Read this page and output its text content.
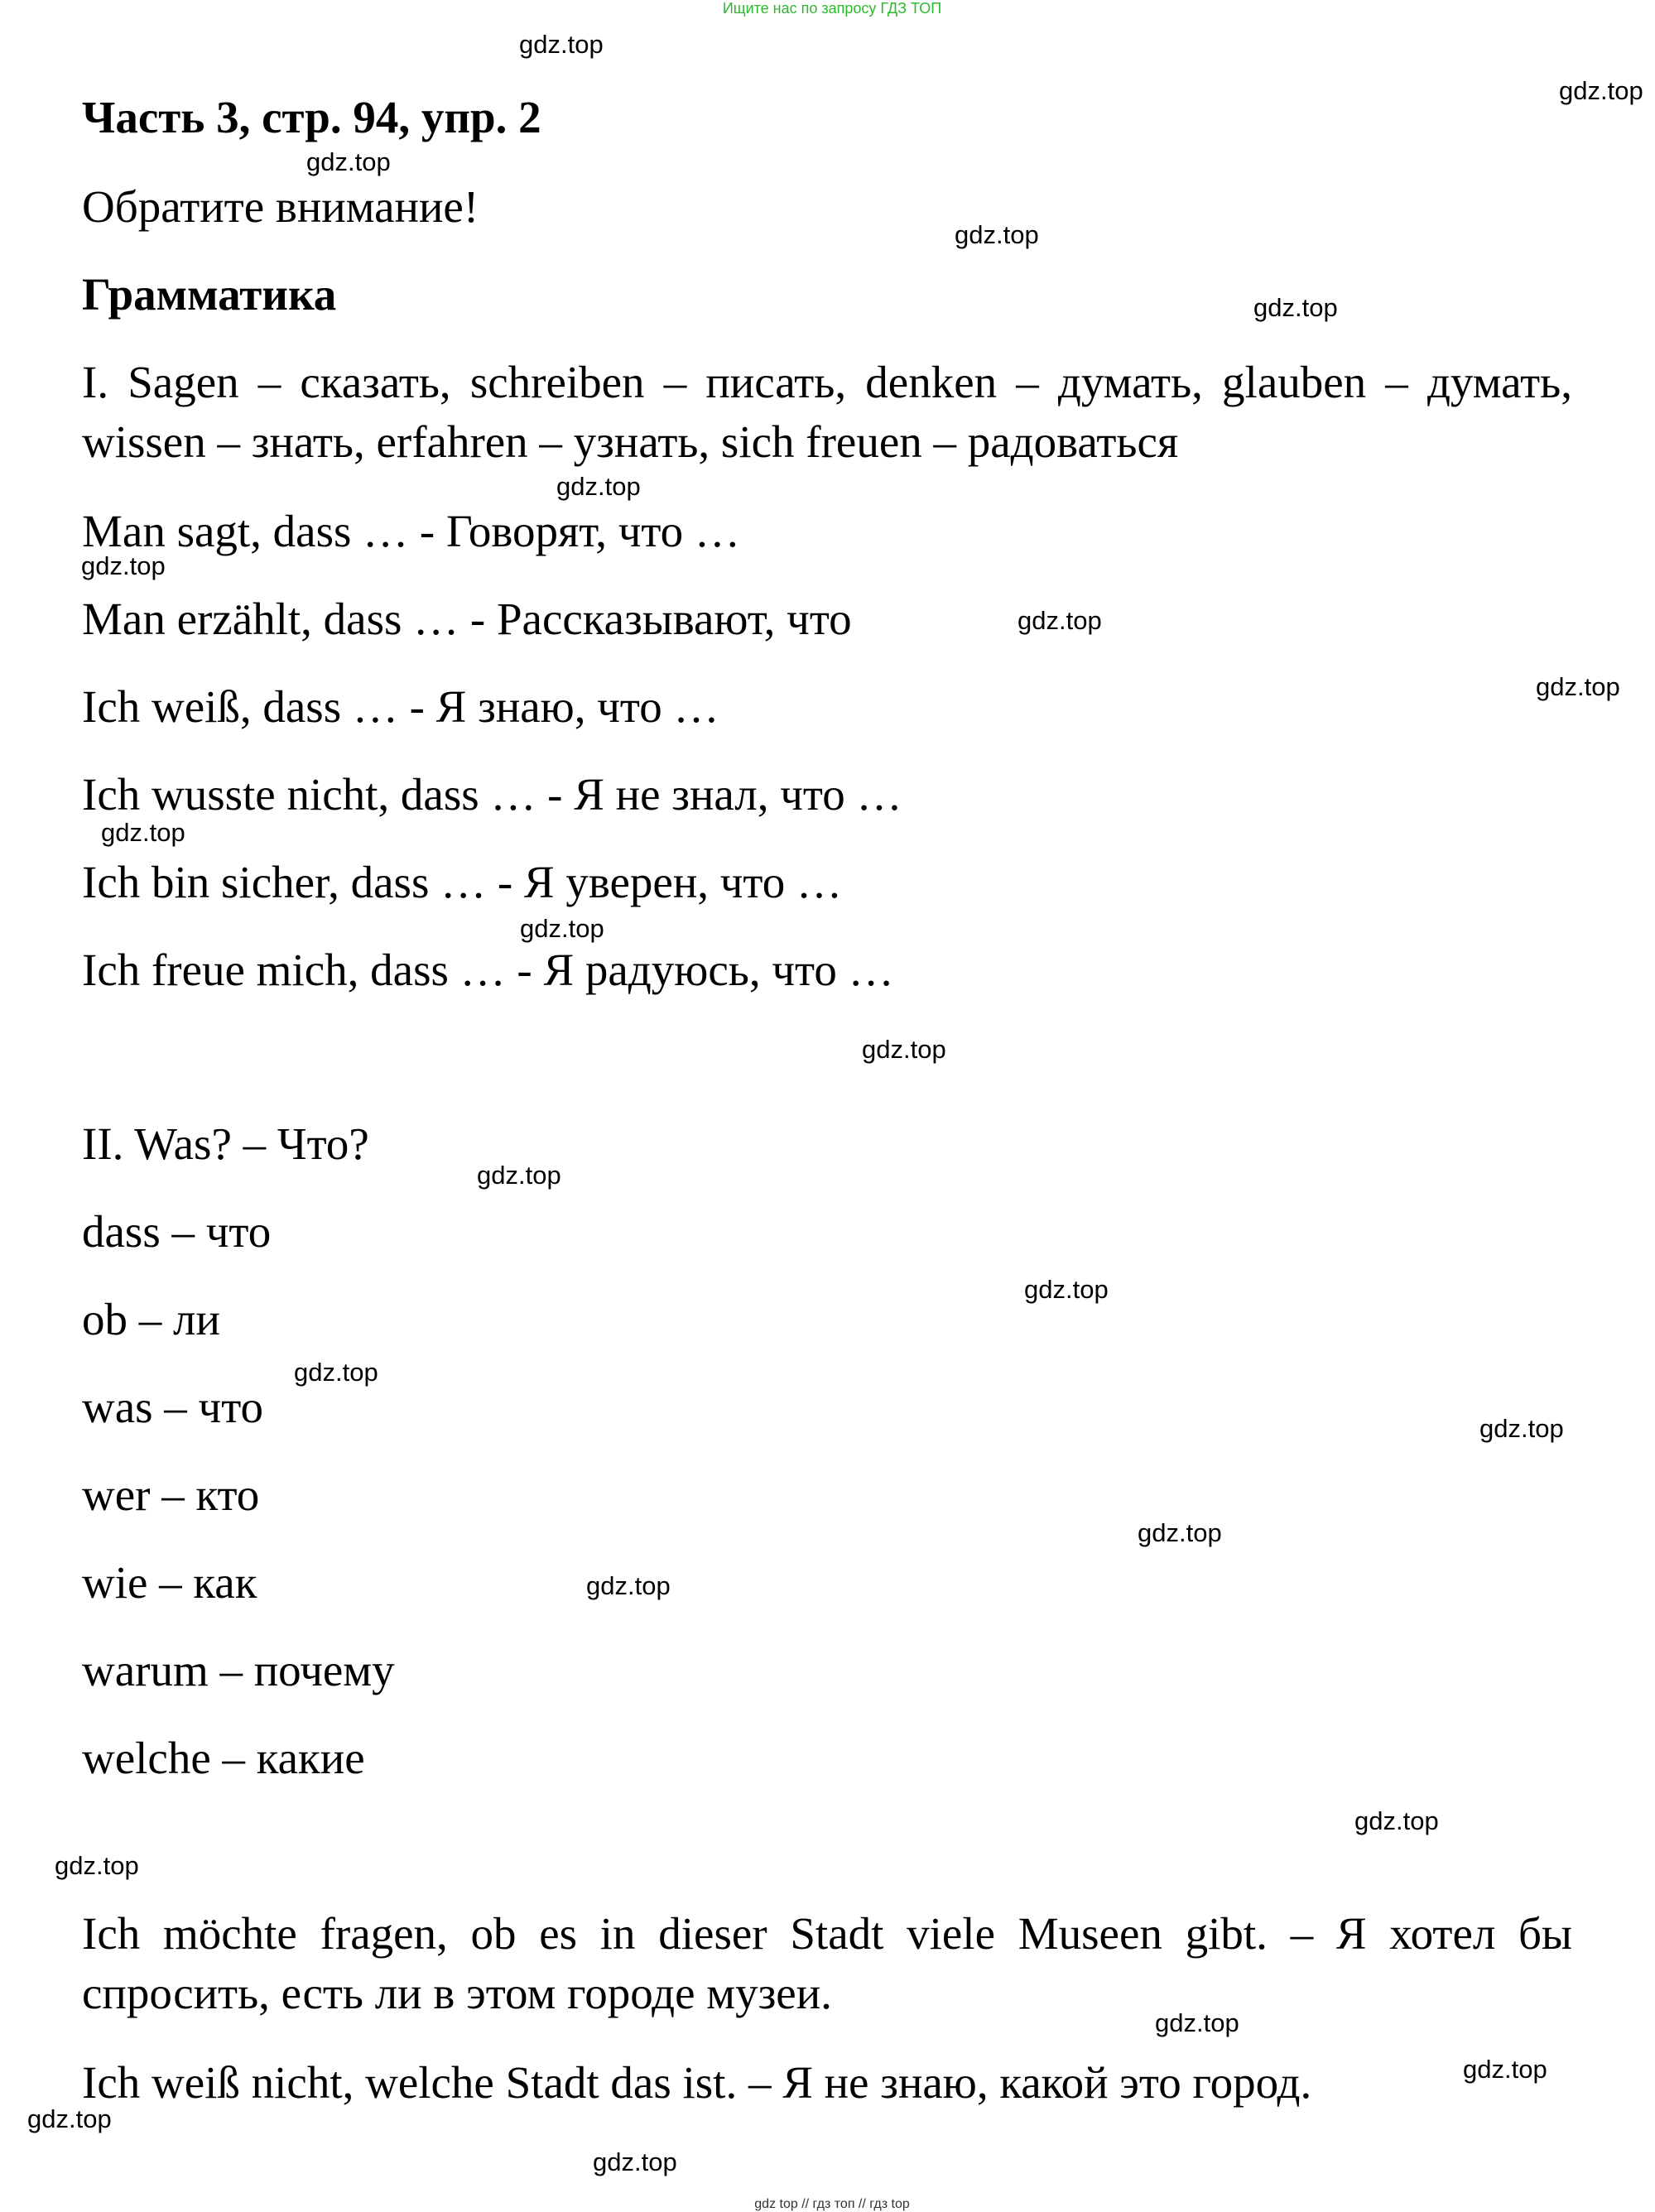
Ищите нас по запросу ГДЗ ТОП
Часть 3, стр. 94, упр. 2
Обратите внимание!
Грамматика
I. Sagen – сказать, schreiben – писать, denken – думать, glauben – думать, wissen – знать, erfahren – узнать, sich freuen – радоваться
Man sagt, dass … - Говорят, что …
Man erzählt, dass … - Рассказывают, что
Ich weiß, dass … - Я знаю, что …
Ich wusste nicht, dass … - Я не знал, что …
Ich bin sicher, dass … - Я уверен, что …
Ich freue mich, dass … - Я радуюсь, что …
II. Was? – Что?
dass – что
ob – ли
was – что
wer – кто
wie – как
warum – почему
welche – какие
Ich möchte fragen, ob es in dieser Stadt viele Museen gibt. – Я хотел бы спросить, есть ли в этом городе музеи.
Ich weiß nicht, welche Stadt das ist. – Я не знаю, какой это город.
gdz.top
gdz.top
gdz.top
gdz.top
gdz.top
gdz.top
gdz.top
gdz.top
gdz.top
gdz.top
gdz.top
gdz.top
gdz.top
gdz.top
gdz.top
gdz.top
gdz.top
gdz.top
gdz.top
gdz.top
gdz.top
gdz.top
gdz.top
gdz.top
gdz top // гдз топ // гдз top
